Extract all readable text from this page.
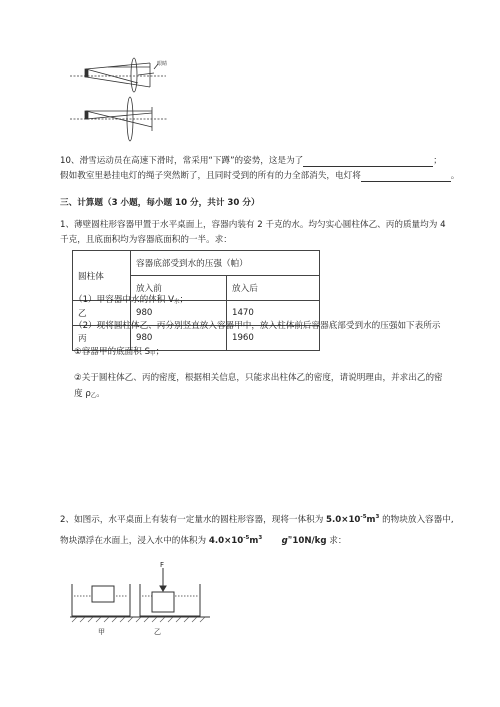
眼睛
10、滑雪运动员在高速下滑时，常采用“下蹲”的姿势，这是为了	；
假如教室里悬挂电灯的绳子突然断了，且同时受到的所有的力全部消失，电灯将	。
三、计算题（3 小题，每小题 10 分，共计 30 分）
1、薄壁圆柱形容器甲置于水平桌面上，容器内装有 2 千克的水。均匀实心圆柱体乙、丙的质量均为 4
千克，且底面积均为容器底面积的一半。求：
圆柱体	容器底部受到水的压强（帕）	
	放入前	放入后
乙	980	1470
丙	980	1960
（1）甲容器中水的体积 V水；
（2）现将圆柱体乙、丙分别竖直放入容器甲中，放入柱体前后容器底部受到水的压强如下表所示
①容器甲的底面积 S甲；
②关于圆柱体乙、丙的密度，根据相关信息，只能求出柱体乙的密度，请说明理由，并求出乙的密
度 ρ乙。
2、如图示，水平桌面上有装有一定量水的圆柱形容器，现将一体积为 $5.0\times 10^{-5}m^3$ 的物块放入容器中,
物块漂浮在水面上，浸入水中的体积为 $4.0\times 10^{-5}m^3$ g≈10N/kg 求：
F
甲	乙
